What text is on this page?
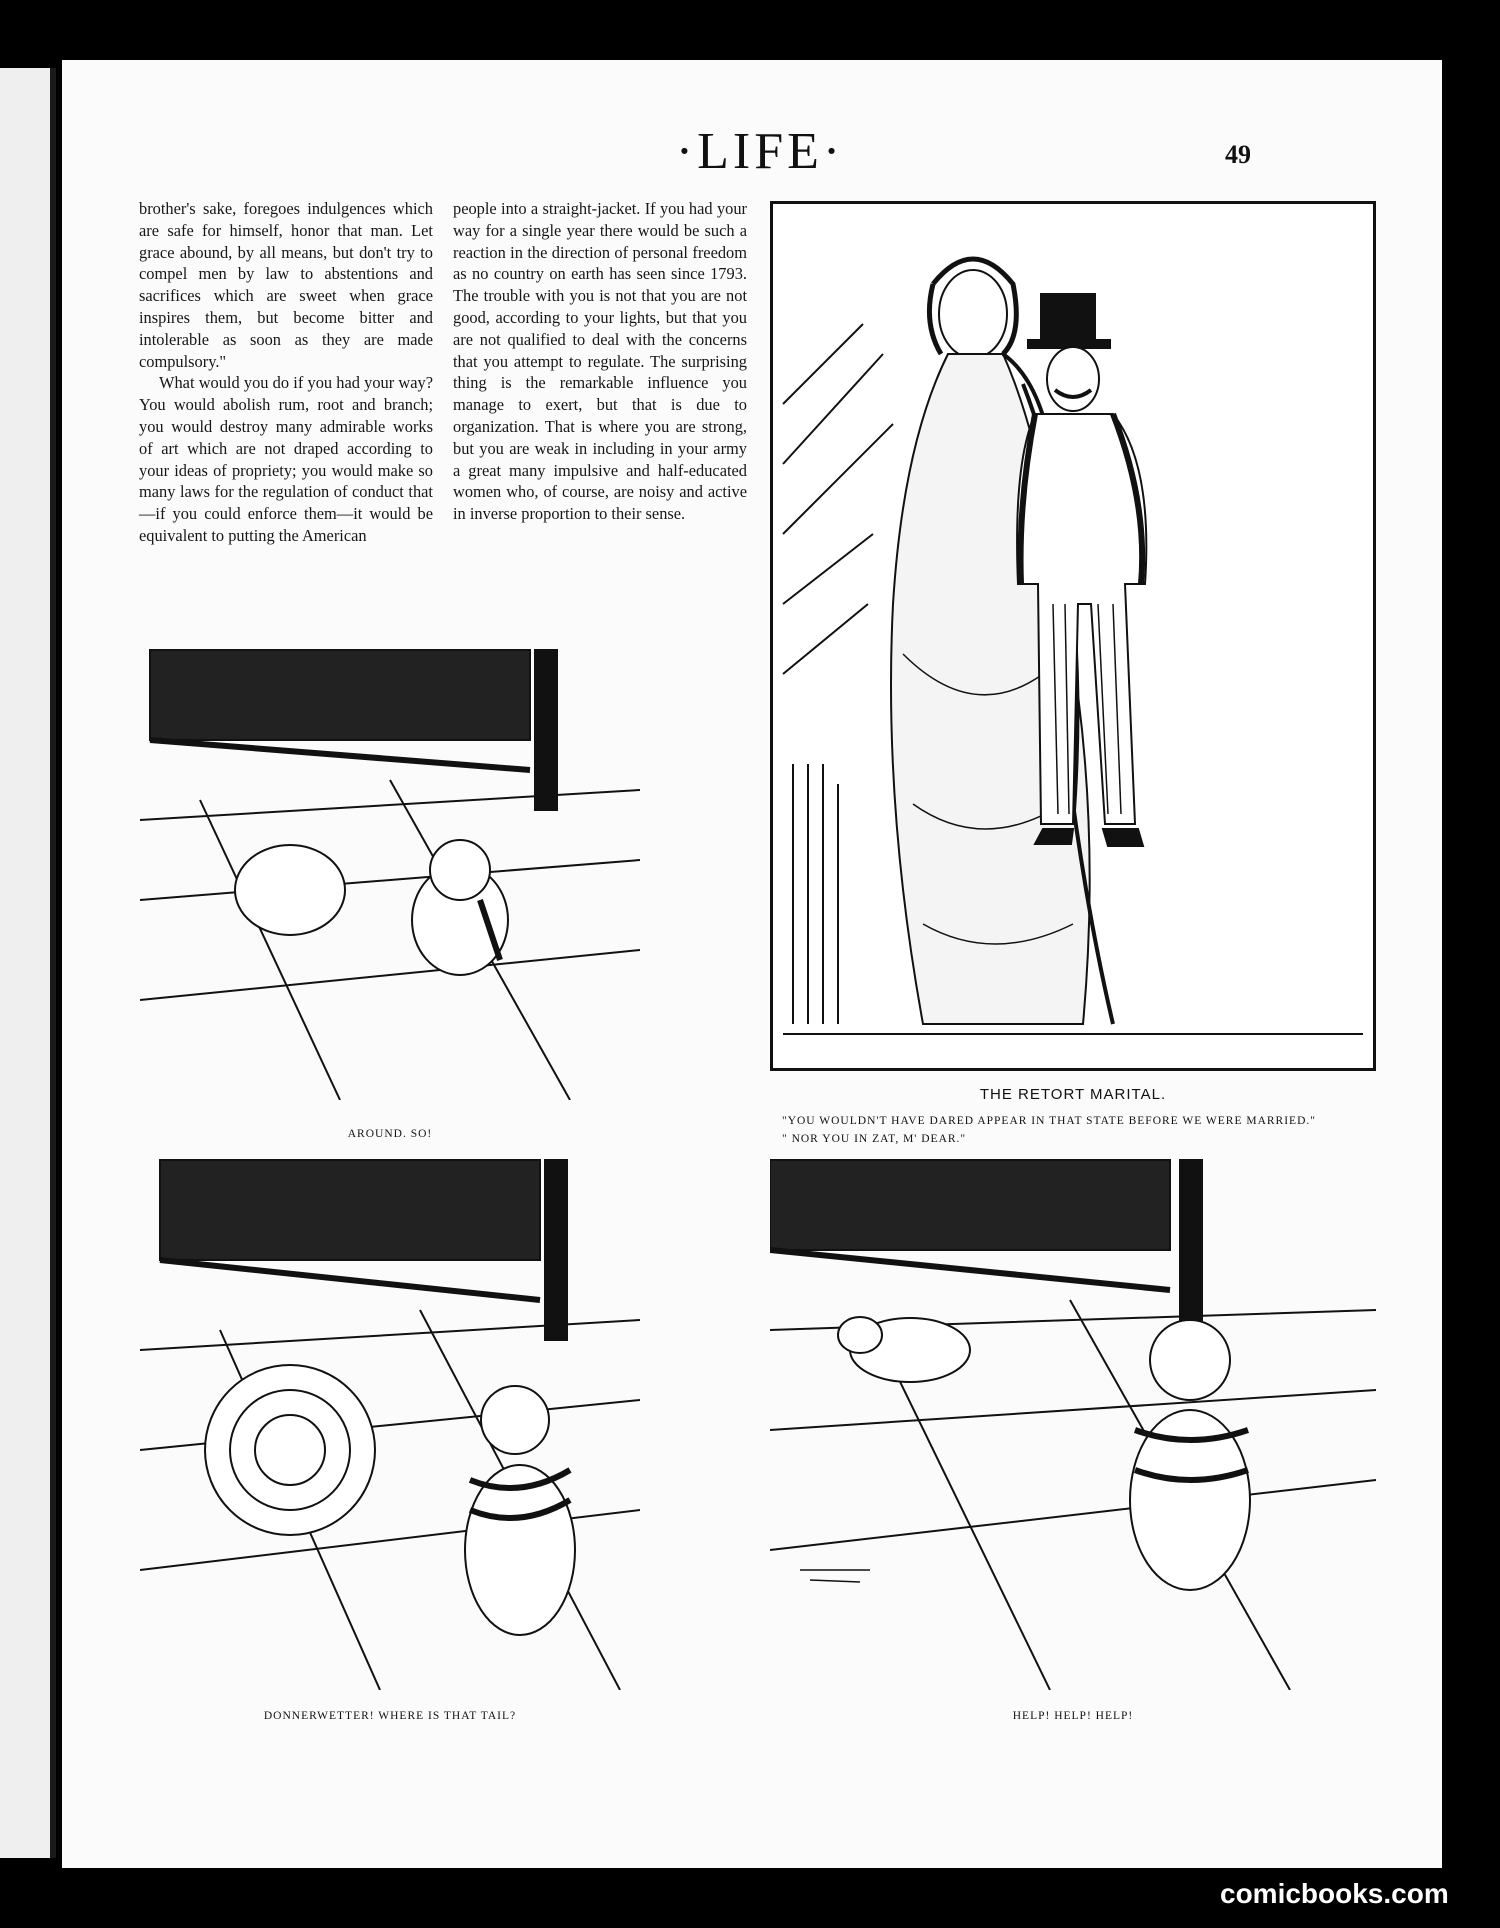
·LIFE·	49

brother's sake, foregoes indulgences which are safe for himself, honor that man. Let grace abound, by all means, but don't try to compel men by law to abstentions and sacrifices which are sweet when grace inspires them, but become bitter and intolerable as soon as they are made compulsory."

What would you do if you had your way? You would abolish rum, root and branch; you would destroy many admirable works of art which are not draped according to your ideas of propriety; you would make so many laws for the regulation of conduct that—if you could enforce them—it would be equivalent to putting the American

people into a straight-jacket. If you had your way for a single year there would be such a reaction in the direction of personal freedom as no country on earth has seen since 1793. The trouble with you is not that you are not good, according to your lights, but that you are not qualified to deal with the concerns that you attempt to regulate. The surprising thing is the remarkable influence you manage to exert, but that is due to organization. That is where you are strong, but you are weak in including in your army a great many impulsive and half-educated women who, of course, are noisy and active in inverse proportion to their sense.

THE RETORT MARITAL.

"YOU WOULDN'T HAVE DARED APPEAR IN THAT STATE BEFORE WE WERE MARRIED."

" NOR YOU IN ZAT, M' DEAR."

AROUND. SO!
DONNERWETTER! WHERE IS THAT TAIL?	HELP! HELP! HELP!
comicbooks.com
